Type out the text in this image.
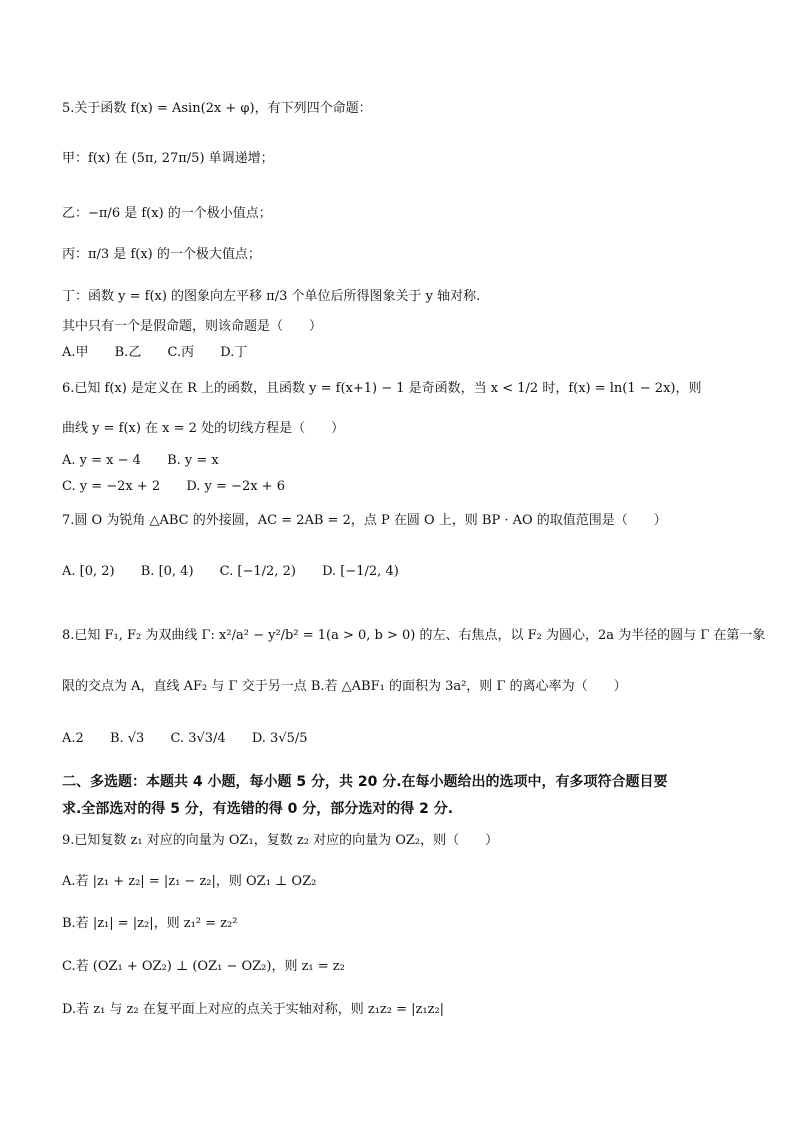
5.关于函数 f(x) = Asin(2x + φ)，有下列四个命题：
甲：f(x) 在 (5π, 27π/5) 单调递增；
乙：−π/6 是 f(x) 的一个极小值点；
丙：π/3 是 f(x) 的一个极大值点；
丁：函数 y = f(x) 的图象向左平移 π/3 个单位后所得图象关于 y 轴对称.
其中只有一个是假命题，则该命题是（　　）
A.甲 B.乙 C.丙 D.丁
6.已知 f(x) 是定义在 R 上的函数，且函数 y = f(x+1) − 1 是奇函数，当 x < 1/2 时，f(x) = ln(1 − 2x)，则
曲线 y = f(x) 在 x = 2 处的切线方程是（　　）
A. y = x − 4 B. y = x
C. y = −2x + 2 D. y = −2x + 6
7.圆 O 为锐角 △ABC 的外接圆，AC = 2AB = 2，点 P 在圆 O 上，则 BP · AO 的取值范围是（　　）
A. [0, 2) B. [0, 4) C. [−1/2, 2) D. [−1/2, 4)
8.已知 F₁, F₂ 为双曲线 Γ: x²/a² − y²/b² = 1(a > 0, b > 0) 的左、右焦点，以 F₂ 为圆心，2a 为半径的圆与 Γ 在第一象
限的交点为 A，直线 AF₂ 与 Γ 交于另一点 B.若 △ABF₁ 的面积为 3a²，则 Γ 的离心率为（　　）
A.2 B. √3 C. 3√3/4 D. 3√5/5
二、多选题：本题共 4 小题，每小题 5 分，共 20 分.在每小题给出的选项中，有多项符合题目要
求.全部选对的得 5 分，有选错的得 0 分，部分选对的得 2 分.
9.已知复数 z₁ 对应的向量为 OZ₁，复数 z₂ 对应的向量为 OZ₂，则（　　）
A.若 |z₁ + z₂| = |z₁ − z₂|，则 OZ₁ ⊥ OZ₂
B.若 |z₁| = |z₂|，则 z₁² = z₂²
C.若 (OZ₁ + OZ₂) ⊥ (OZ₁ − OZ₂)，则 z₁ = z₂
D.若 z₁ 与 z₂ 在复平面上对应的点关于实轴对称，则 z₁z₂ = |z₁z₂|
